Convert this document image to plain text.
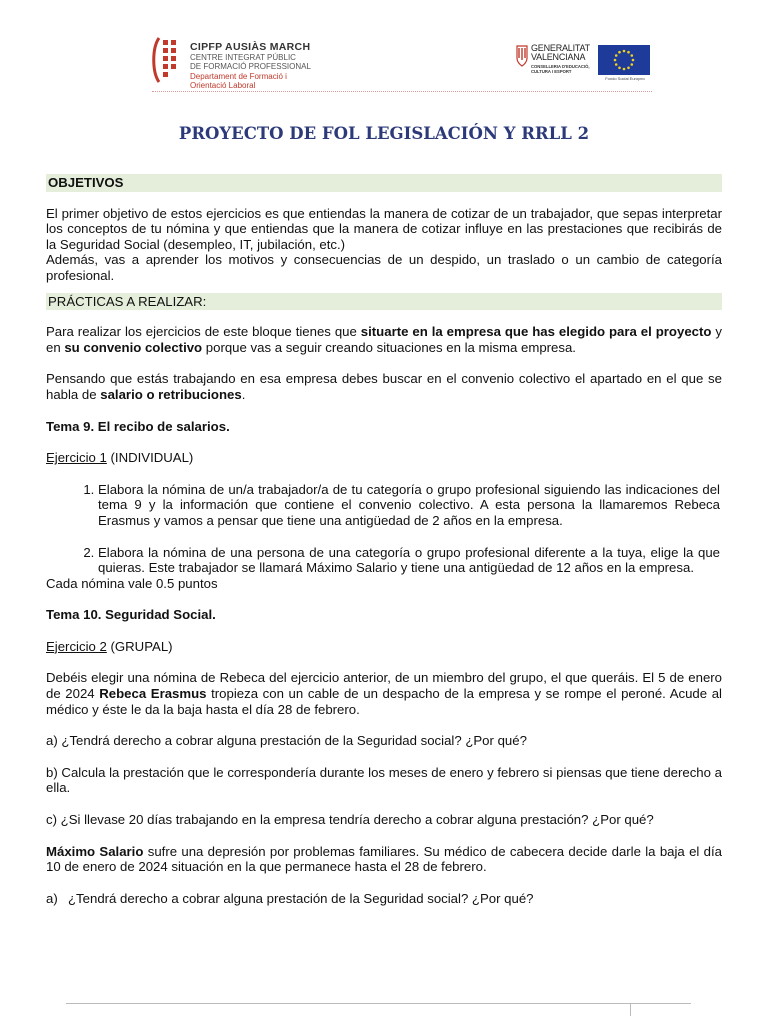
CIPFP AUSIÀS MARCH
CENTRE INTEGRAT PÚBLIC
DE FORMACIÓ PROFESSIONAL
Departament de Formació i
Orientació Laboral
GENERALITAT
VALENCIANA
CONSELLERIA D'EDUCACIÓ,
CULTURA I ESPORT
Fondo Social Europeo
PROYECTO DE FOL LEGISLACIÓN Y RRLL 2
OBJETIVOS

El primer objetivo de estos ejercicios es que entiendas la manera de cotizar de un trabajador, que sepas interpretar los conceptos de tu nómina y que entiendas que la manera de cotizar influye en las prestaciones que recibirás de la Seguridad Social (desempleo, IT, jubilación, etc.)

Además, vas a aprender los motivos y consecuencias de un despido, un traslado o un cambio de categoría profesional.

PRÁCTICAS A REALIZAR:

Para realizar los ejercicios de este bloque tienes que situarte en la empresa que has elegido para el proyecto y en su convenio colectivo porque vas a seguir creando situaciones en la misma empresa.

Pensando que estás trabajando en esa empresa debes buscar en el convenio colectivo el apartado en el que se habla de salario o retribuciones.

Tema 9. El recibo de salarios.

Ejercicio 1 (INDIVIDUAL)

1. Elabora la nómina de un/a trabajador/a de tu categoría o grupo profesional siguiendo las indicaciones del tema 9 y la información que contiene el convenio colectivo. A esta persona la llamaremos Rebeca Erasmus y vamos a pensar que tiene una antigüedad de 2 años en la empresa.
2. Elabora la nómina de una persona de una categoría o grupo profesional diferente a la tuya, elige la que quieras. Este trabajador se llamará Máximo Salario y tiene una antigüedad de 12 años en la empresa.

Cada nómina vale 0.5 puntos

Tema 10. Seguridad Social.

Ejercicio 2 (GRUPAL)

Debéis elegir una nómina de Rebeca del ejercicio anterior, de un miembro del grupo, el que queráis. El 5 de enero de 2024 Rebeca Erasmus tropieza con un cable de un despacho de la empresa y se rompe el peroné. Acude al médico y éste le da la baja hasta el día 28 de febrero.

a) ¿Tendrá derecho a cobrar alguna prestación de la Seguridad social? ¿Por qué?

b) Calcula la prestación que le correspondería durante los meses de enero y febrero si piensas que tiene derecho a ella.

c) ¿Si llevase 20 días trabajando en la empresa tendría derecho a cobrar alguna prestación? ¿Por qué?

Máximo Salario sufre una depresión por problemas familiares. Su médico de cabecera decide darle la baja el día 10 de enero de 2024 situación en la que permanece hasta el 28 de febrero.

a) ¿Tendrá derecho a cobrar alguna prestación de la Seguridad social? ¿Por qué?
